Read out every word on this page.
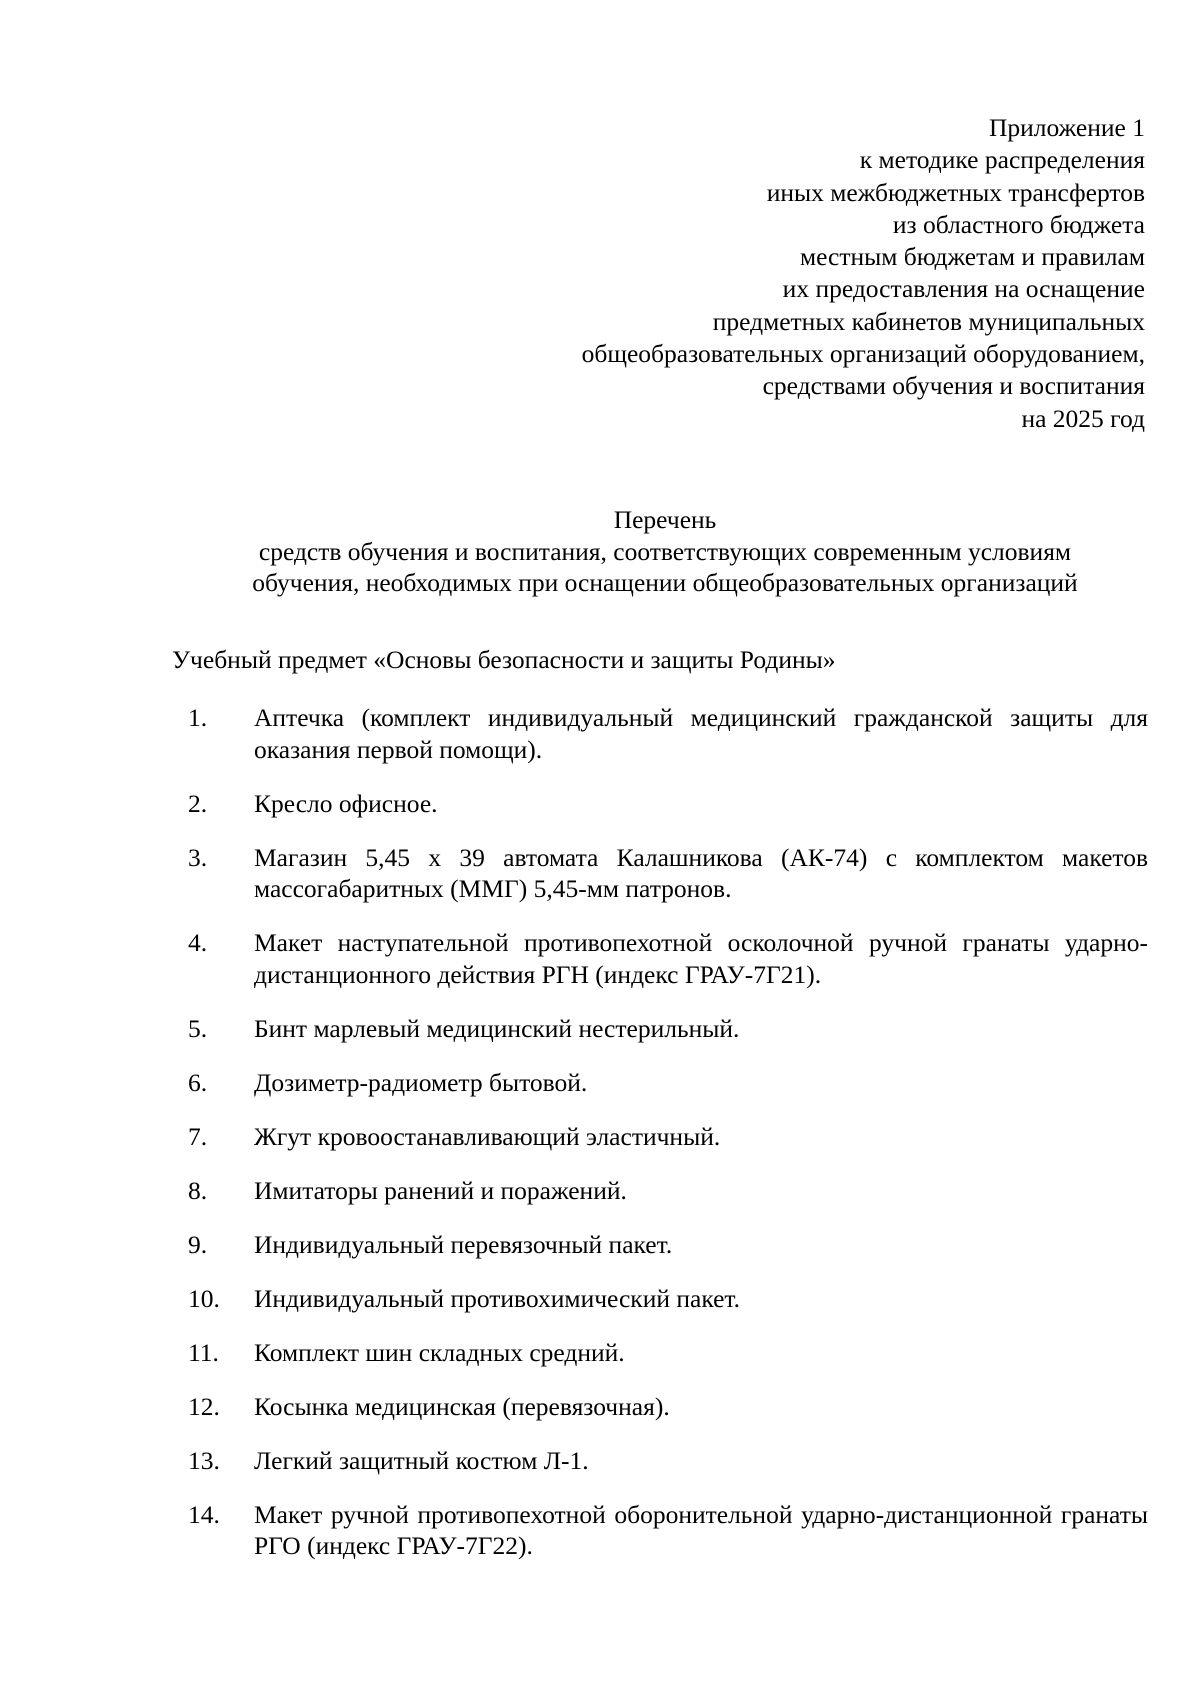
Приложение 1
к методике распределения
иных межбюджетных трансфертов
из областного бюджета
местным бюджетам и правилам
их предоставления на оснащение
предметных кабинетов муниципальных
общеобразовательных организаций оборудованием,
средствами обучения и воспитания
на 2025 год
Перечень
средств обучения и воспитания, соответствующих современным условиям
обучения, необходимых при оснащении общеобразовательных организаций
Учебный предмет «Основы безопасности и защиты Родины»
1. Аптечка (комплект индивидуальный медицинский гражданской защиты для оказания первой помощи).
2. Кресло офисное.
3. Магазин 5,45 х 39 автомата Калашникова (АК-74) с комплектом макетов массогабаритных (ММГ) 5,45-мм патронов.
4. Макет наступательной противопехотной осколочной ручной гранаты ударно-дистанционного действия РГН (индекс ГРАУ-7Г21).
5. Бинт марлевый медицинский нестерильный.
6. Дозиметр-радиометр бытовой.
7. Жгут кровоостанавливающий эластичный.
8. Имитаторы ранений и поражений.
9. Индивидуальный перевязочный пакет.
10. Индивидуальный противохимический пакет.
11. Комплект шин складных средний.
12. Косынка медицинская (перевязочная).
13. Легкий защитный костюм Л-1.
14. Макет ручной противопехотной оборонительной ударно-дистанционной гранаты РГО (индекс ГРАУ-7Г22).
